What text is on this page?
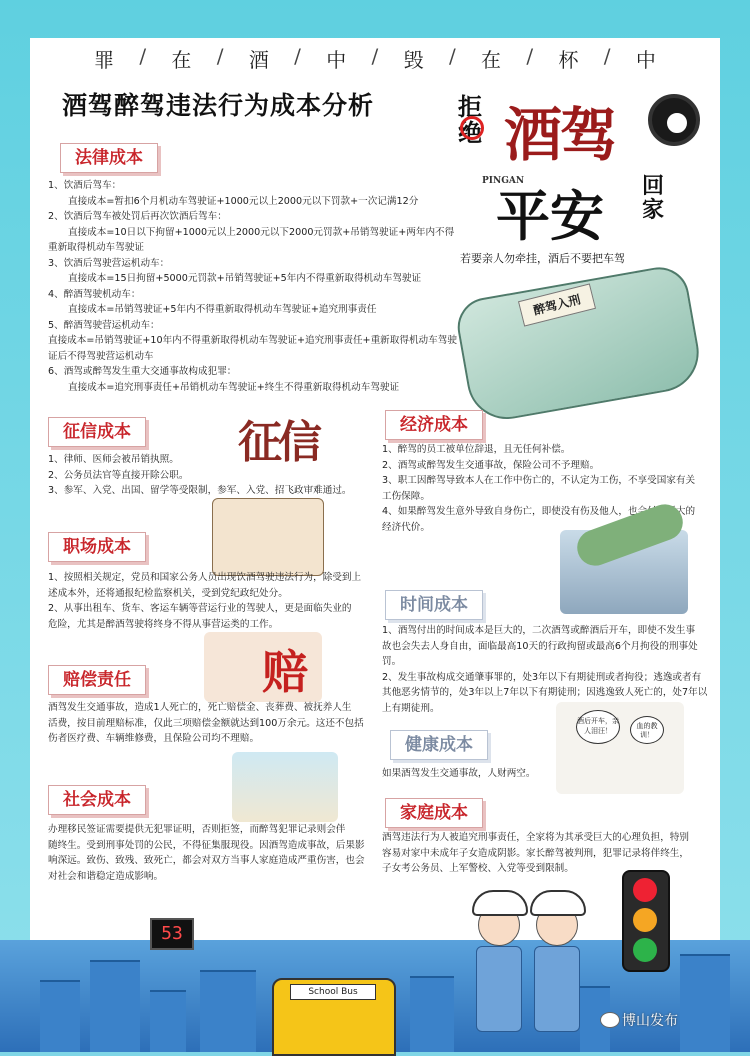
罪 / 在 / 酒 / 中 / 毁 / 在 / 杯 / 中
酒驾醉驾违法行为成本分析	拒绝 酒驾
PINGAN
平安 回家
若要亲人勿牵挂，酒后不要把车驾
醉驾入刑
法律成本

1、饮酒后驾车：

直接成本=暂扣6个月机动车驾驶证+1000元以上2000元以下罚款+一次记满12分

2、饮酒后驾车被处罚后再次饮酒后驾车：

直接成本=10日以下拘留+1000元以上2000元以下2000元罚款+吊销驾驶证+两年内不得

重新取得机动车驾驶证

3、饮酒后驾驶营运机动车：

直接成本=15日拘留+5000元罚款+吊销驾驶证+5年内不得重新取得机动车驾驶证

4、醉酒驾驶机动车：

直接成本=吊销驾驶证+5年内不得重新取得机动车驾驶证+追究刑事责任

5、醉酒驾驶营运机动车：

直接成本=吊销驾驶证+10年内不得重新取得机动车驾驶证+追究刑事责任+重新取得机动车驾驶

证后不得驾驶营运机动车

6、酒驾或醉驾发生重大交通事故构成犯罪：

直接成本=追究刑事责任+吊销机动车驾驶证+终生不得重新取得机动车驾驶证

征信成本	征信

1、律师、医师会被吊销执照。

2、公务员法官等直接开除公职。

3、参军、入党、出国、留学等受限制，参军、入党、招飞政审难通过。

职场成本

1、按照相关规定，党员和国家公务人员出现饮酒驾驶违法行为，除受到上

述成本外，还将通报纪检监察机关，受到党纪政纪处分。

2、从事出租车、货车、客运车辆等营运行业的驾驶人，更是面临失业的

危险，尤其是醉酒驾驶将终身不得从事营运类的工作。

赔
赔偿责任

酒驾发生交通事故，造成1人死亡的，死亡赔偿金、丧葬费、被抚养人生

活费，按目前理赔标准，仅此三项赔偿金额就达到100万余元。这还不包括

伤者医疗费、车辆维修费，且保险公司均不理赔。

社会成本

办理移民签证需要提供无犯罪证明，否则拒签，而醉驾犯罪记录则会伴

随终生。受到刑事处罚的公民，不得征集服现役。因酒驾造成事故，后果影

响深远。致伤、致残、致死亡，都会对双方当事人家庭造成严重伤害，也会

对社会和谐稳定造成影响。

经济成本

1、醉驾的员工被单位辞退，且无任何补偿。

2、酒驾或醉驾发生交通事故，保险公司不予理赔。

3、职工因醉驾导致本人在工作中伤亡的，不认定为工伤，不享受国家有关

工伤保障。

4、如果醉驾发生意外导致自身伤亡，即使没有伤及他人，也会付出巨大的

经济代价。

时间成本

1、酒驾付出的时间成本是巨大的，二次酒驾或醉酒后开车，即使不发生事

故也会失去人身自由，面临最高10天的行政拘留或最高6个月拘役的刑事处

罚。

2、发生事故构成交通肇事罪的，处3年以下有期徒刑或者拘役；逃逸或者有

其他恶劣情节的，处3年以上7年以下有期徒刑；因逃逸致人死亡的，处7年以

上有期徒刑。

健康成本

如果酒驾发生交通事故，人财两空。

酒后开车，亲人泪汪！
血的教训！
家庭成本

酒驾违法行为人被追究刑事责任，全家将为其承受巨大的心理负担，特别

容易对家中未成年子女造成阴影。家长醉驾被判刑，犯罪记录将伴终生，

子女考公务员、上军警校、入党等受到限制。

53
School Bus
博山发布
